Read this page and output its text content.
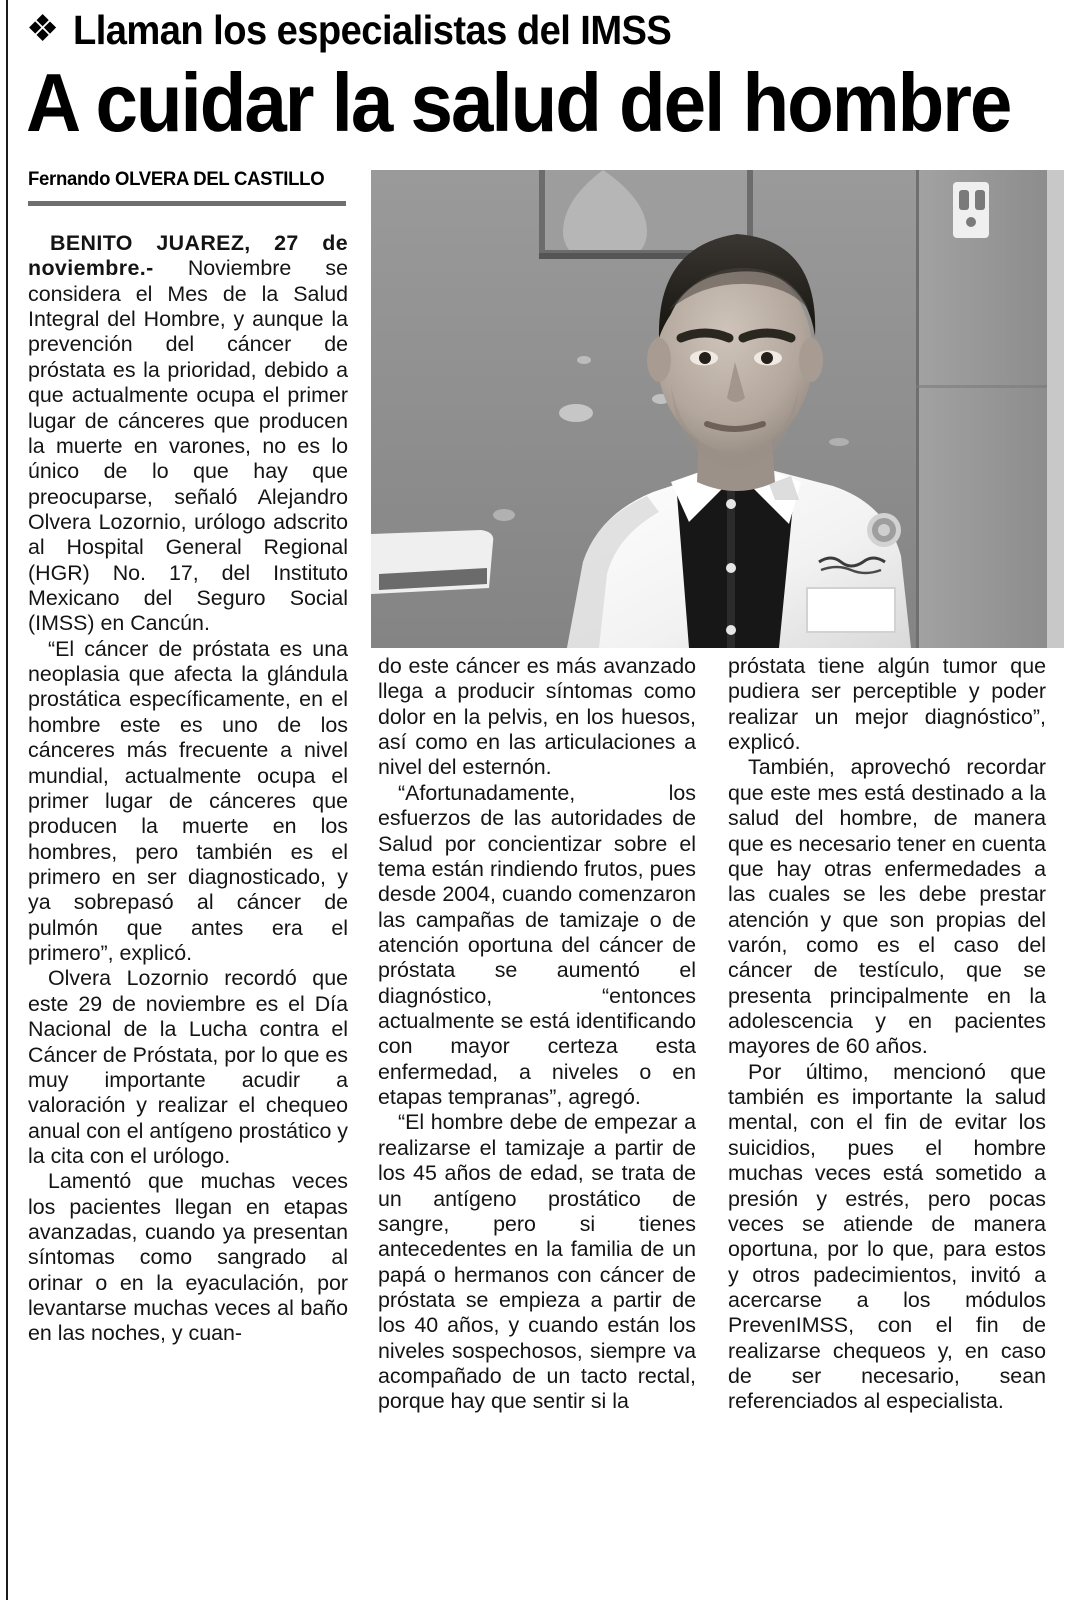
❖ Llaman los especialistas del IMSS
A cuidar la salud del hombre
Fernando OLVERA DEL CASTILLO

BENITO JUAREZ, 27 de noviembre.- Noviembre se considera el Mes de la Salud Integral del Hombre, y aunque la prevención del cáncer de próstata es la prioridad, debido a que actualmente ocupa el primer lugar de cánceres que producen la muerte en varones, no es lo único de lo que hay que preocuparse, señaló Alejandro Olvera Lozornio, urólogo adscrito al Hospital General Regional (HGR) No. 17, del Instituto Mexicano del Seguro Social (IMSS) en Cancún.

“El cáncer de próstata es una neoplasia que afecta la glándula prostática específicamente, en el hombre este es uno de los cánceres más frecuente a nivel mundial, actualmente ocupa el primer lugar de cánceres que producen la muerte en los hombres, pero también es el primero en ser diagnosticado, y ya sobrepasó al cáncer de pulmón que antes era el primero”, explicó.

Olvera Lozornio recordó que este 29 de noviembre es el Día Nacional de la Lucha contra el Cáncer de Próstata, por lo que es muy importante acudir a valoración y realizar el chequeo anual con el antígeno prostático y la cita con el urólogo.

Lamentó que muchas veces los pacientes llegan en etapas avanzadas, cuando ya presentan síntomas como sangrado al orinar o en la eyaculación, por levantarse muchas veces al baño en las noches, y cuan-

do este cáncer es más avanzado llega a producir síntomas como dolor en la pelvis, en los huesos, así como en las articulaciones a nivel del esternón.

“Afortunadamente, los esfuerzos de las autoridades de Salud por concientizar sobre el tema están rindiendo frutos, pues desde 2004, cuando comenzaron las campañas de tamizaje o de atención oportuna del cáncer de próstata se aumentó el diagnóstico, “entonces actualmente se está identificando con mayor certeza esta enfermedad, a niveles o en etapas tempranas”, agregó.

“El hombre debe de empezar a realizarse el tamizaje a partir de los 45 años de edad, se trata de un antígeno prostático de sangre, pero si tienes antecedentes en la familia de un papá o hermanos con cáncer de próstata se empieza a partir de los 40 años, y cuando están los niveles sospechosos, siempre va acompañado de un tacto rectal, porque hay que sentir si la

próstata tiene algún tumor que pudiera ser perceptible y poder realizar un mejor diagnóstico”, explicó.

También, aprovechó recordar que este mes está destinado a la salud del hombre, de manera que es necesario tener en cuenta que hay otras enfermedades a las cuales se les debe prestar atención y que son propias del varón, como es el caso del cáncer de testículo, que se presenta principalmente en la adolescencia y en pacientes mayores de 60 años.

Por último, mencionó que también es importante la salud mental, con el fin de evitar los suicidios, pues el hombre muchas veces está sometido a presión y estrés, pero pocas veces se atiende de manera oportuna, por lo que, para estos y otros padecimientos, invitó a acercarse a los módulos PrevenIMSS, con el fin de realizarse chequeos y, en caso de ser necesario, sean referenciados al especialista.
